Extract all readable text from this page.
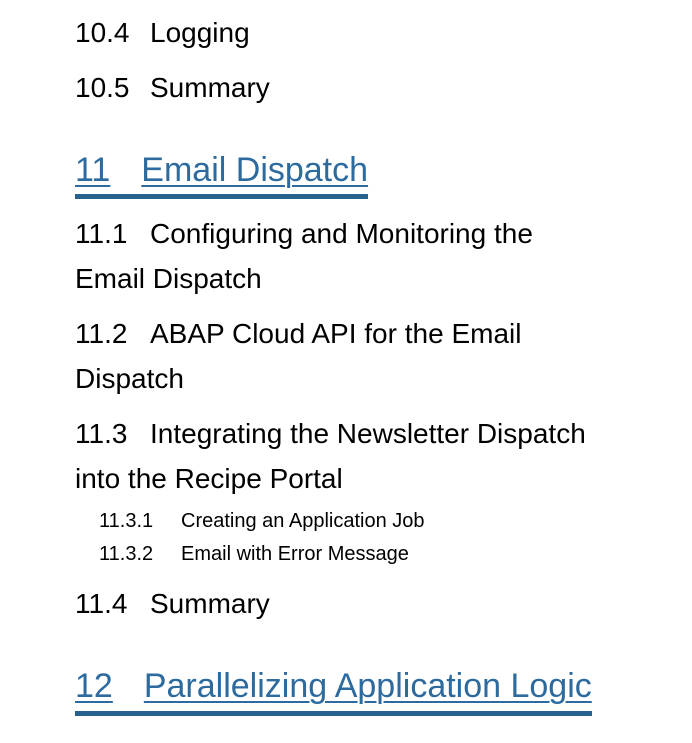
10.4 Logging

10.5 Summary

11 Email Dispatch

11.1 Configuring and Monitoring the Email Dispatch

11.2 ABAP Cloud API for the Email Dispatch

11.3 Integrating the Newsletter Dispatch into the Recipe Portal

11.3.1 Creating an Application Job

11.3.2 Email with Error Message

11.4 Summary

12 Parallelizing Application Logic
